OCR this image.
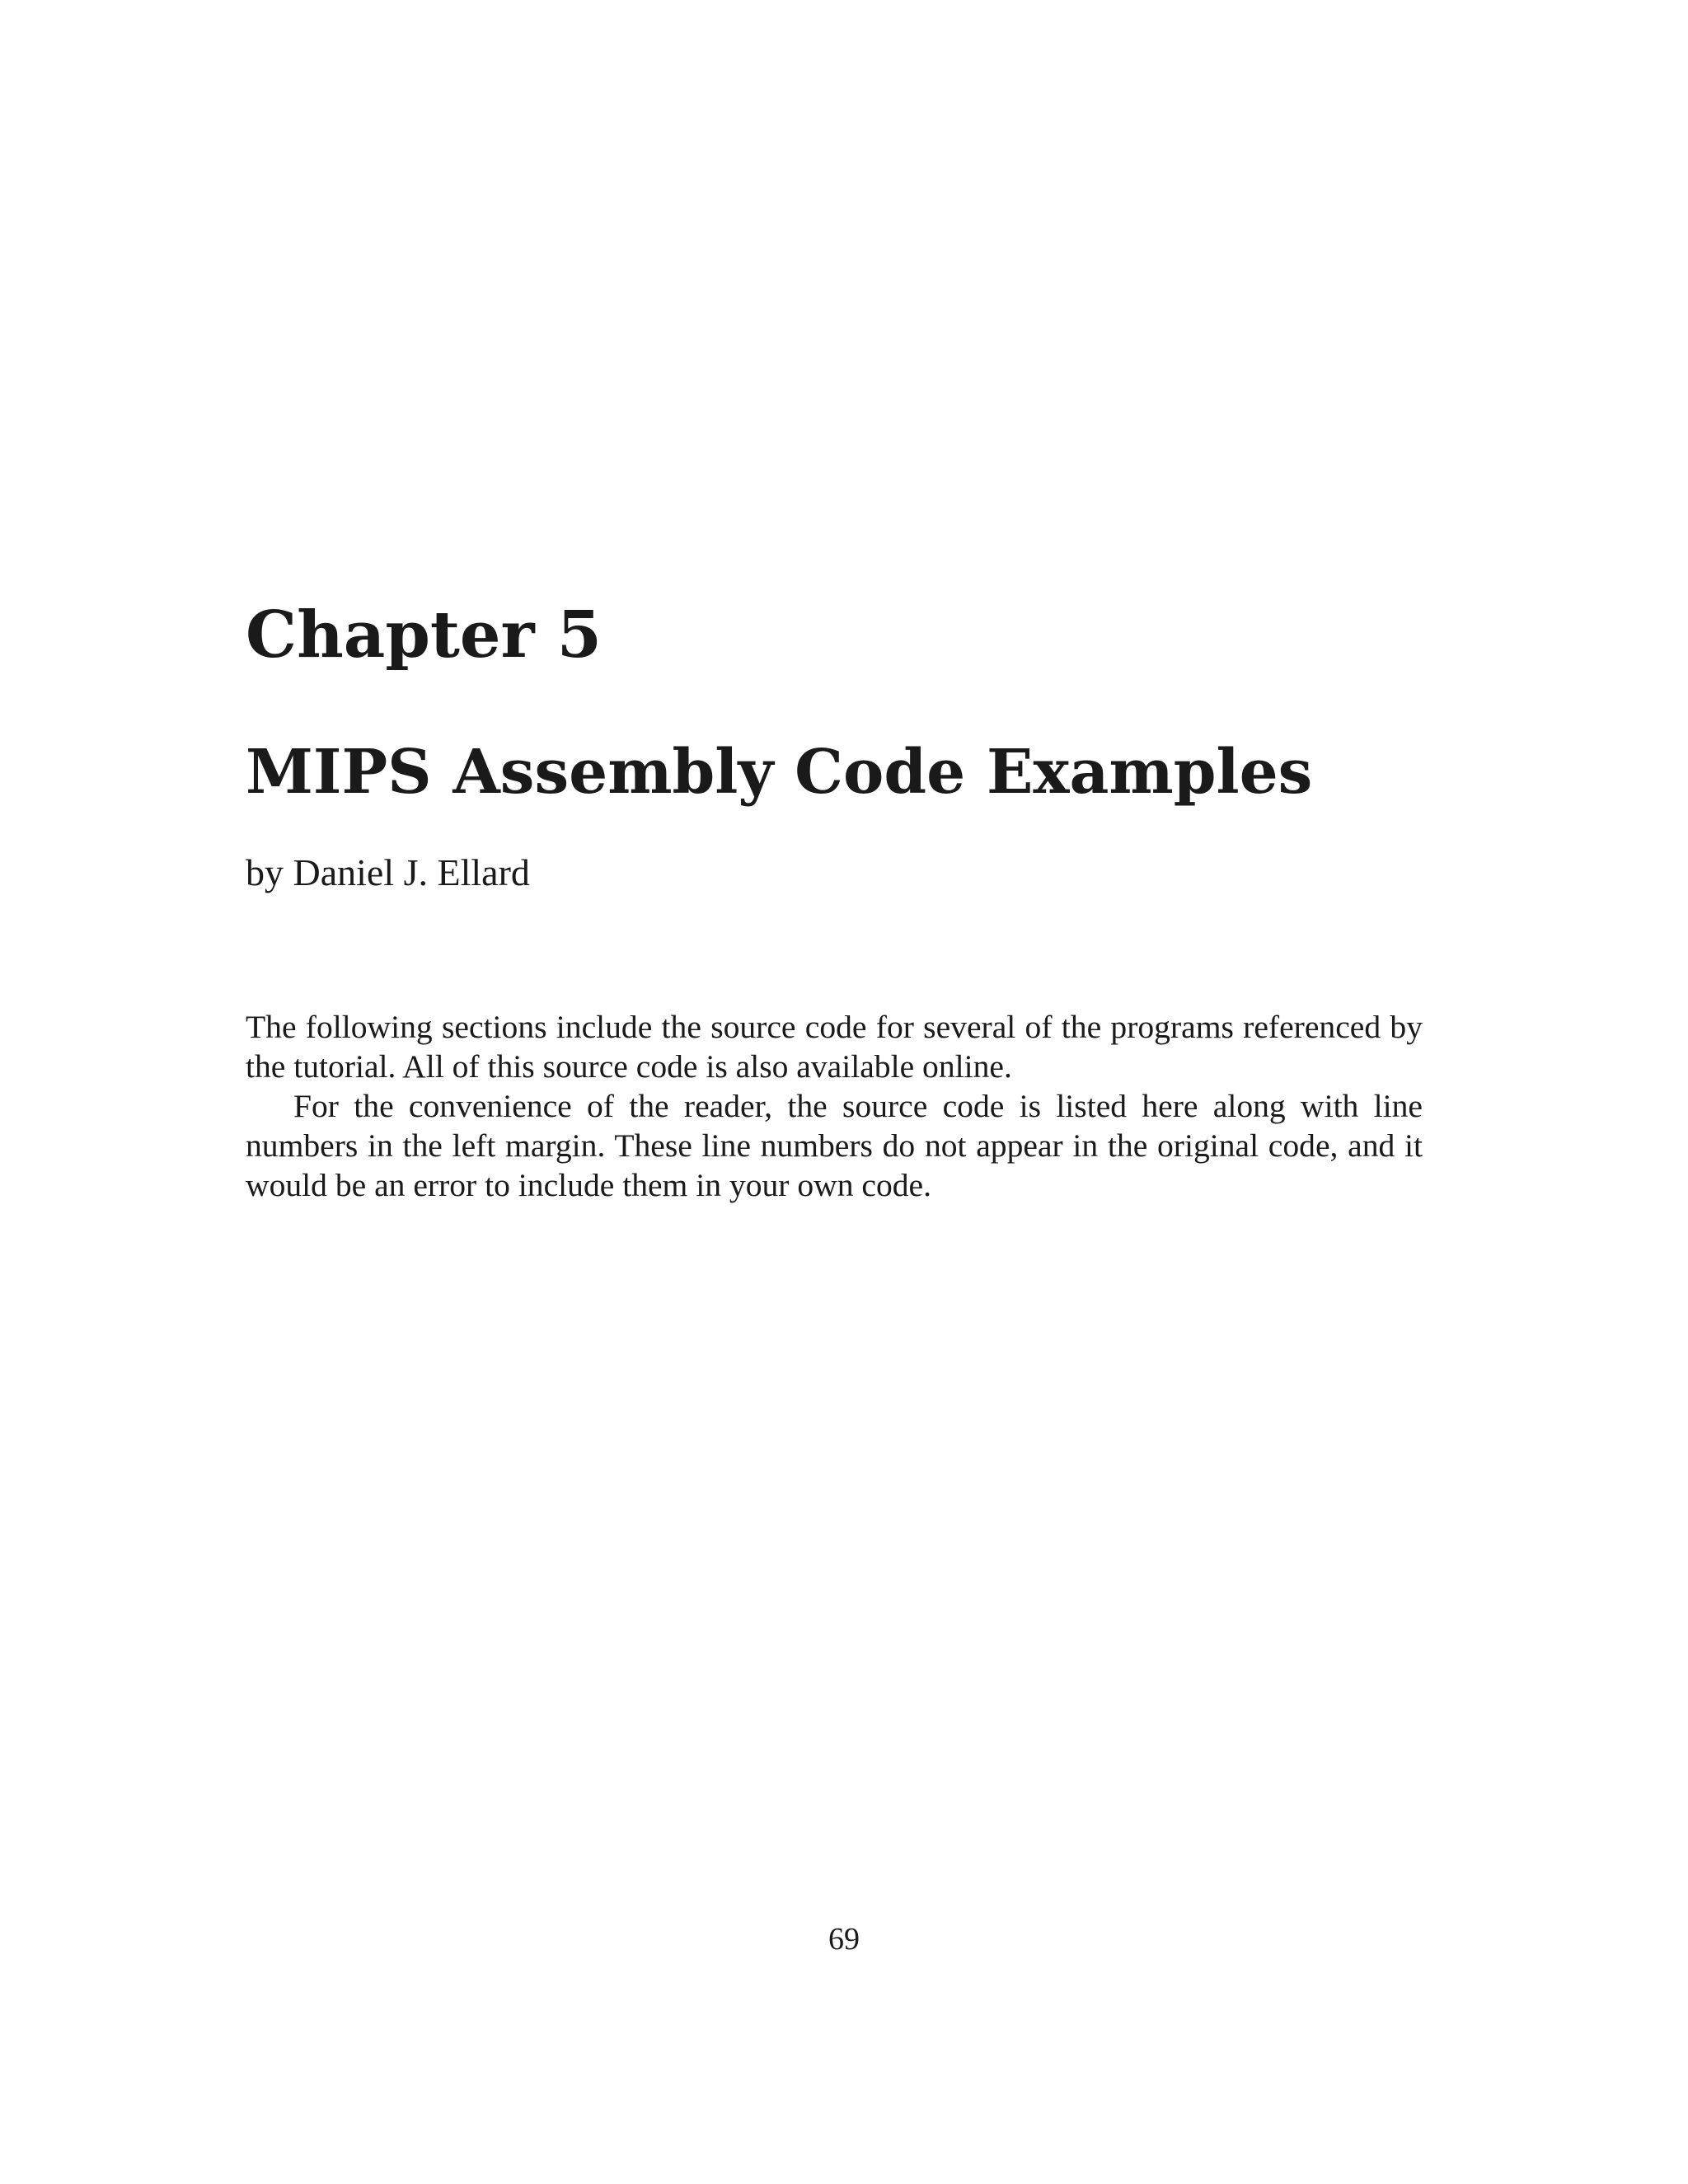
Chapter 5
MIPS Assembly Code Examples
by Daniel J. Ellard

The following sections include the source code for several of the programs referenced by the tutorial. All of this source code is also available online.

For the convenience of the reader, the source code is listed here along with line numbers in the left margin. These line numbers do not appear in the original code, and it would be an error to include them in your own code.

69
